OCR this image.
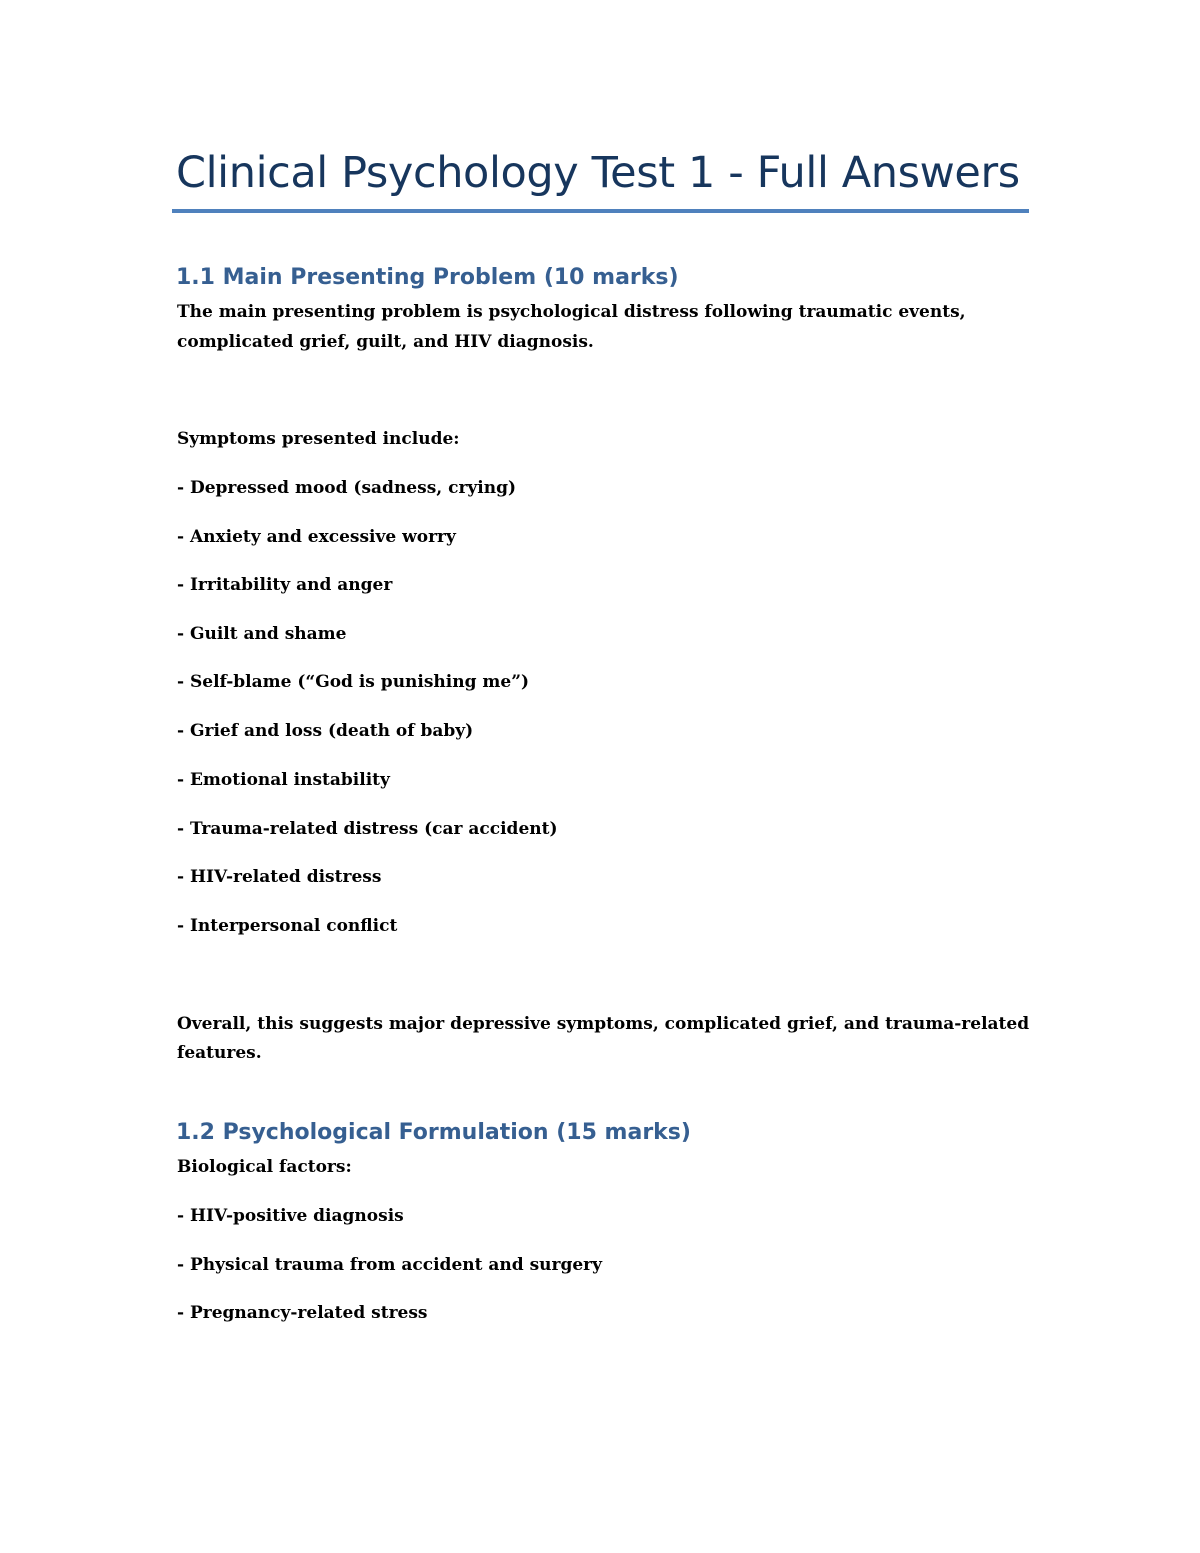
Clinical Psychology Test 1 - Full Answers
1.1 Main Presenting Problem (10 marks)

The main presenting problem is psychological distress following traumatic events,

complicated grief, guilt, and HIV diagnosis.

Symptoms presented include:

- Depressed mood (sadness, crying)

- Anxiety and excessive worry

- Irritability and anger

- Guilt and shame

- Self-blame (“God is punishing me”)

- Grief and loss (death of baby)

- Emotional instability

- Trauma-related distress (car accident)

- HIV-related distress

- Interpersonal conflict

Overall, this suggests major depressive symptoms, complicated grief, and trauma-related

features.

1.2 Psychological Formulation (15 marks)

Biological factors:

- HIV-positive diagnosis

- Physical trauma from accident and surgery

- Pregnancy-related stress
